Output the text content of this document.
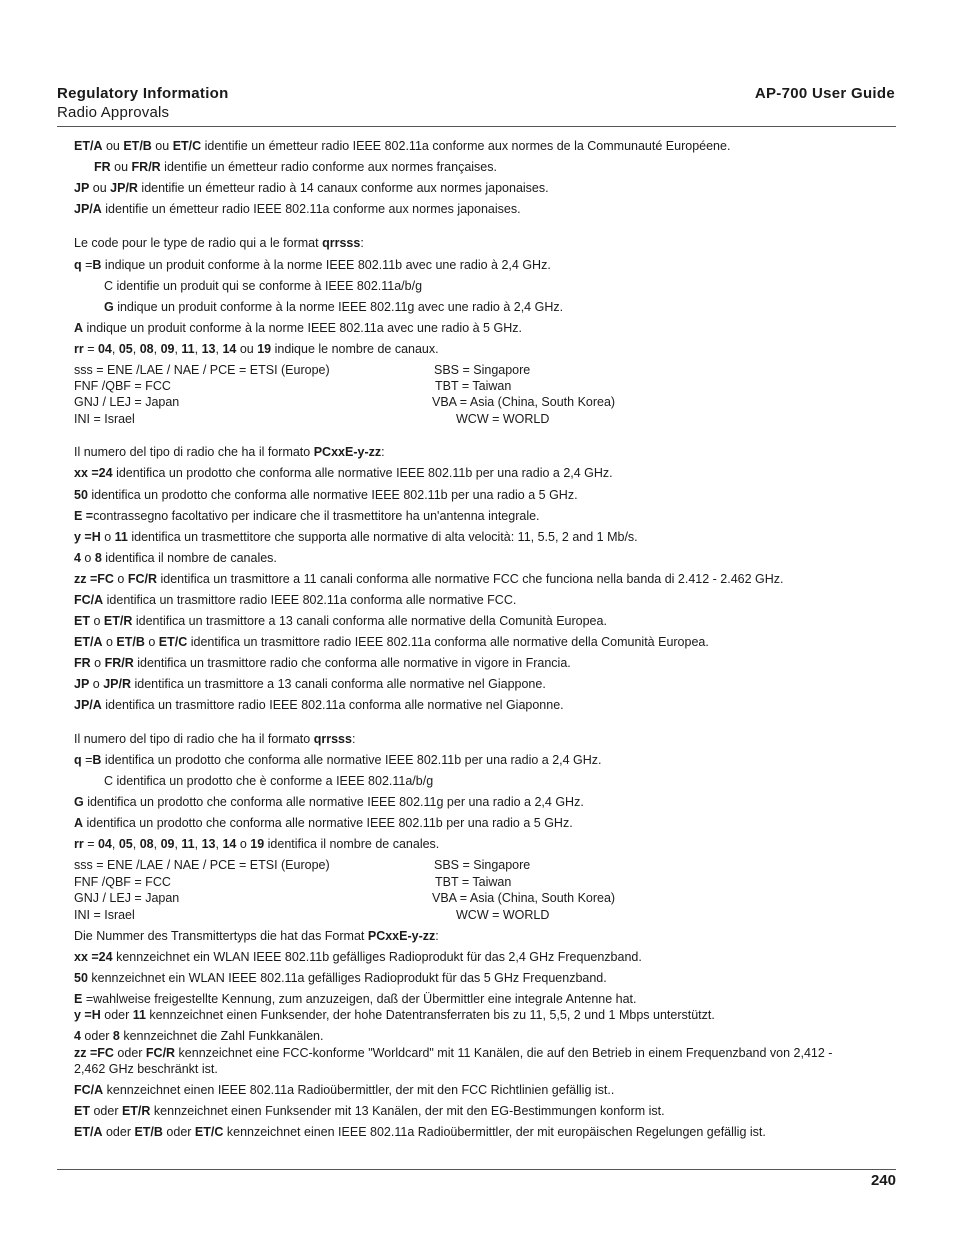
Regulatory Information
Radio Approvals
AP-700 User Guide
ET/A ou ET/B ou ET/C identifie un émetteur radio IEEE 802.11a conforme aux normes de la Communauté Européene.
FR ou FR/R identifie un émetteur radio conforme aux normes françaises.
JP ou JP/R identifie un émetteur radio à 14 canaux conforme aux normes japonaises.
JP/A identifie un émetteur radio IEEE 802.11a conforme aux normes japonaises.
Le code pour le type de radio qui a le format qrrsss:
q =B indique un produit conforme à la norme IEEE 802.11b avec une radio à 2,4 GHz.
C identifie un produit qui se conforme à IEEE 802.11a/b/g
G indique un produit conforme à la norme IEEE 802.11g avec une radio à 2,4 GHz.
A indique un produit conforme à la norme IEEE 802.11a avec une radio à 5 GHz.
rr = 04, 05, 08, 09, 11, 13, 14 ou 19 indique le nombre de canaux.
sss = ENE /LAE / NAE / PCE = ETSI (Europe)
FNF /QBF = FCC
GNJ / LEJ = Japan
INI = Israel
Il numero del tipo di radio che ha il formato PCxxE-y-zz:
xx =24 identifica un prodotto che conforma alle normative IEEE 802.11b per una radio a 2,4 GHz.
50 identifica un prodotto che conforma alle normative IEEE 802.11b per una radio a 5 GHz.
E =contrassegno facoltativo per indicare che il trasmettitore ha un'antenna integrale.
y =H o 11 identifica un trasmettitore che supporta alle normative di alta velocità: 11, 5.5, 2 and 1 Mb/s.
4 o 8 identifica il nombre de canales.
zz =FC o FC/R identifica un trasmittore a 11 canali conforma alle normative FCC che funciona nella banda di 2.412 - 2.462 GHz.
FC/A identifica un trasmittore radio IEEE 802.11a conforma alle normative FCC.
ET o ET/R identifica un trasmittore a 13 canali conforma alle normative della Comunità Europea.
ET/A o ET/B o ET/C identifica un trasmittore radio IEEE 802.11a conforma alle normative della Comunità Europea.
FR o FR/R identifica un trasmittore radio che conforma alle normative in vigore in Francia.
JP o JP/R identifica un trasmittore a 13 canali conforma alle normative nel Giappone.
JP/A identifica un trasmittore radio IEEE 802.11a conforma alle normative nel Giaponne.
Il numero del tipo di radio che ha il formato qrrsss:
q =B identifica un prodotto che conforma alle normative IEEE 802.11b per una radio a 2,4 GHz.
C identifica un prodotto che è conforme a IEEE 802.11a/b/g
G identifica un prodotto che conforma alle normative IEEE 802.11g per una radio a 2,4 GHz.
A identifica un prodotto che conforma alle normative IEEE 802.11b per una radio a 5 GHz.
rr = 04, 05, 08, 09, 11, 13, 14 o 19 identifica il nombre de canales.
sss = ENE /LAE / NAE / PCE = ETSI (Europe)
FNF /QBF = FCC
GNJ / LEJ = Japan
INI = Israel
Die Nummer des Transmittertyps die hat das Format PCxxE-y-zz:
xx =24 kennzeichnet ein WLAN IEEE 802.11b gefälliges Radioprodukt für das 2,4 GHz Frequenzband.
50 kennzeichnet ein WLAN IEEE 802.11a gefälliges Radioprodukt für das 5 GHz Frequenzband.
E =wahlweise freigestellte Kennung, zum anzuzeigen, daß der Übermittler eine integrale Antenne hat.
y =H oder 11 kennzeichnet einen Funksender, der hohe Datentransferraten bis zu 11, 5,5, 2 und 1 Mbps unterstützt.
4 oder 8 kennzeichnet die Zahl Funkkanälen.
zz =FC oder FC/R kennzeichnet eine FCC-konforme "Worldcard" mit 11 Kanälen, die auf den Betrieb in einem Frequenzband von 2,412 -
2,462 GHz beschränkt ist.
FC/A kennzeichnet einen IEEE 802.11a Radioübermittler, der mit den FCC Richtlinien gefällig ist..
ET oder ET/R kennzeichnet einen Funksender mit 13 Kanälen, der mit den EG-Bestimmungen konform ist.
ET/A oder ET/B oder ET/C kennzeichnet einen IEEE 802.11a Radioübermittler, der mit europäischen Regelungen gefällig ist.
SBS = Singapore
TBT = Taiwan
VBA = Asia (China, South Korea)
WCW = WORLD
SBS = Singapore
TBT = Taiwan
VBA = Asia (China, South Korea)
WCW = WORLD
240
